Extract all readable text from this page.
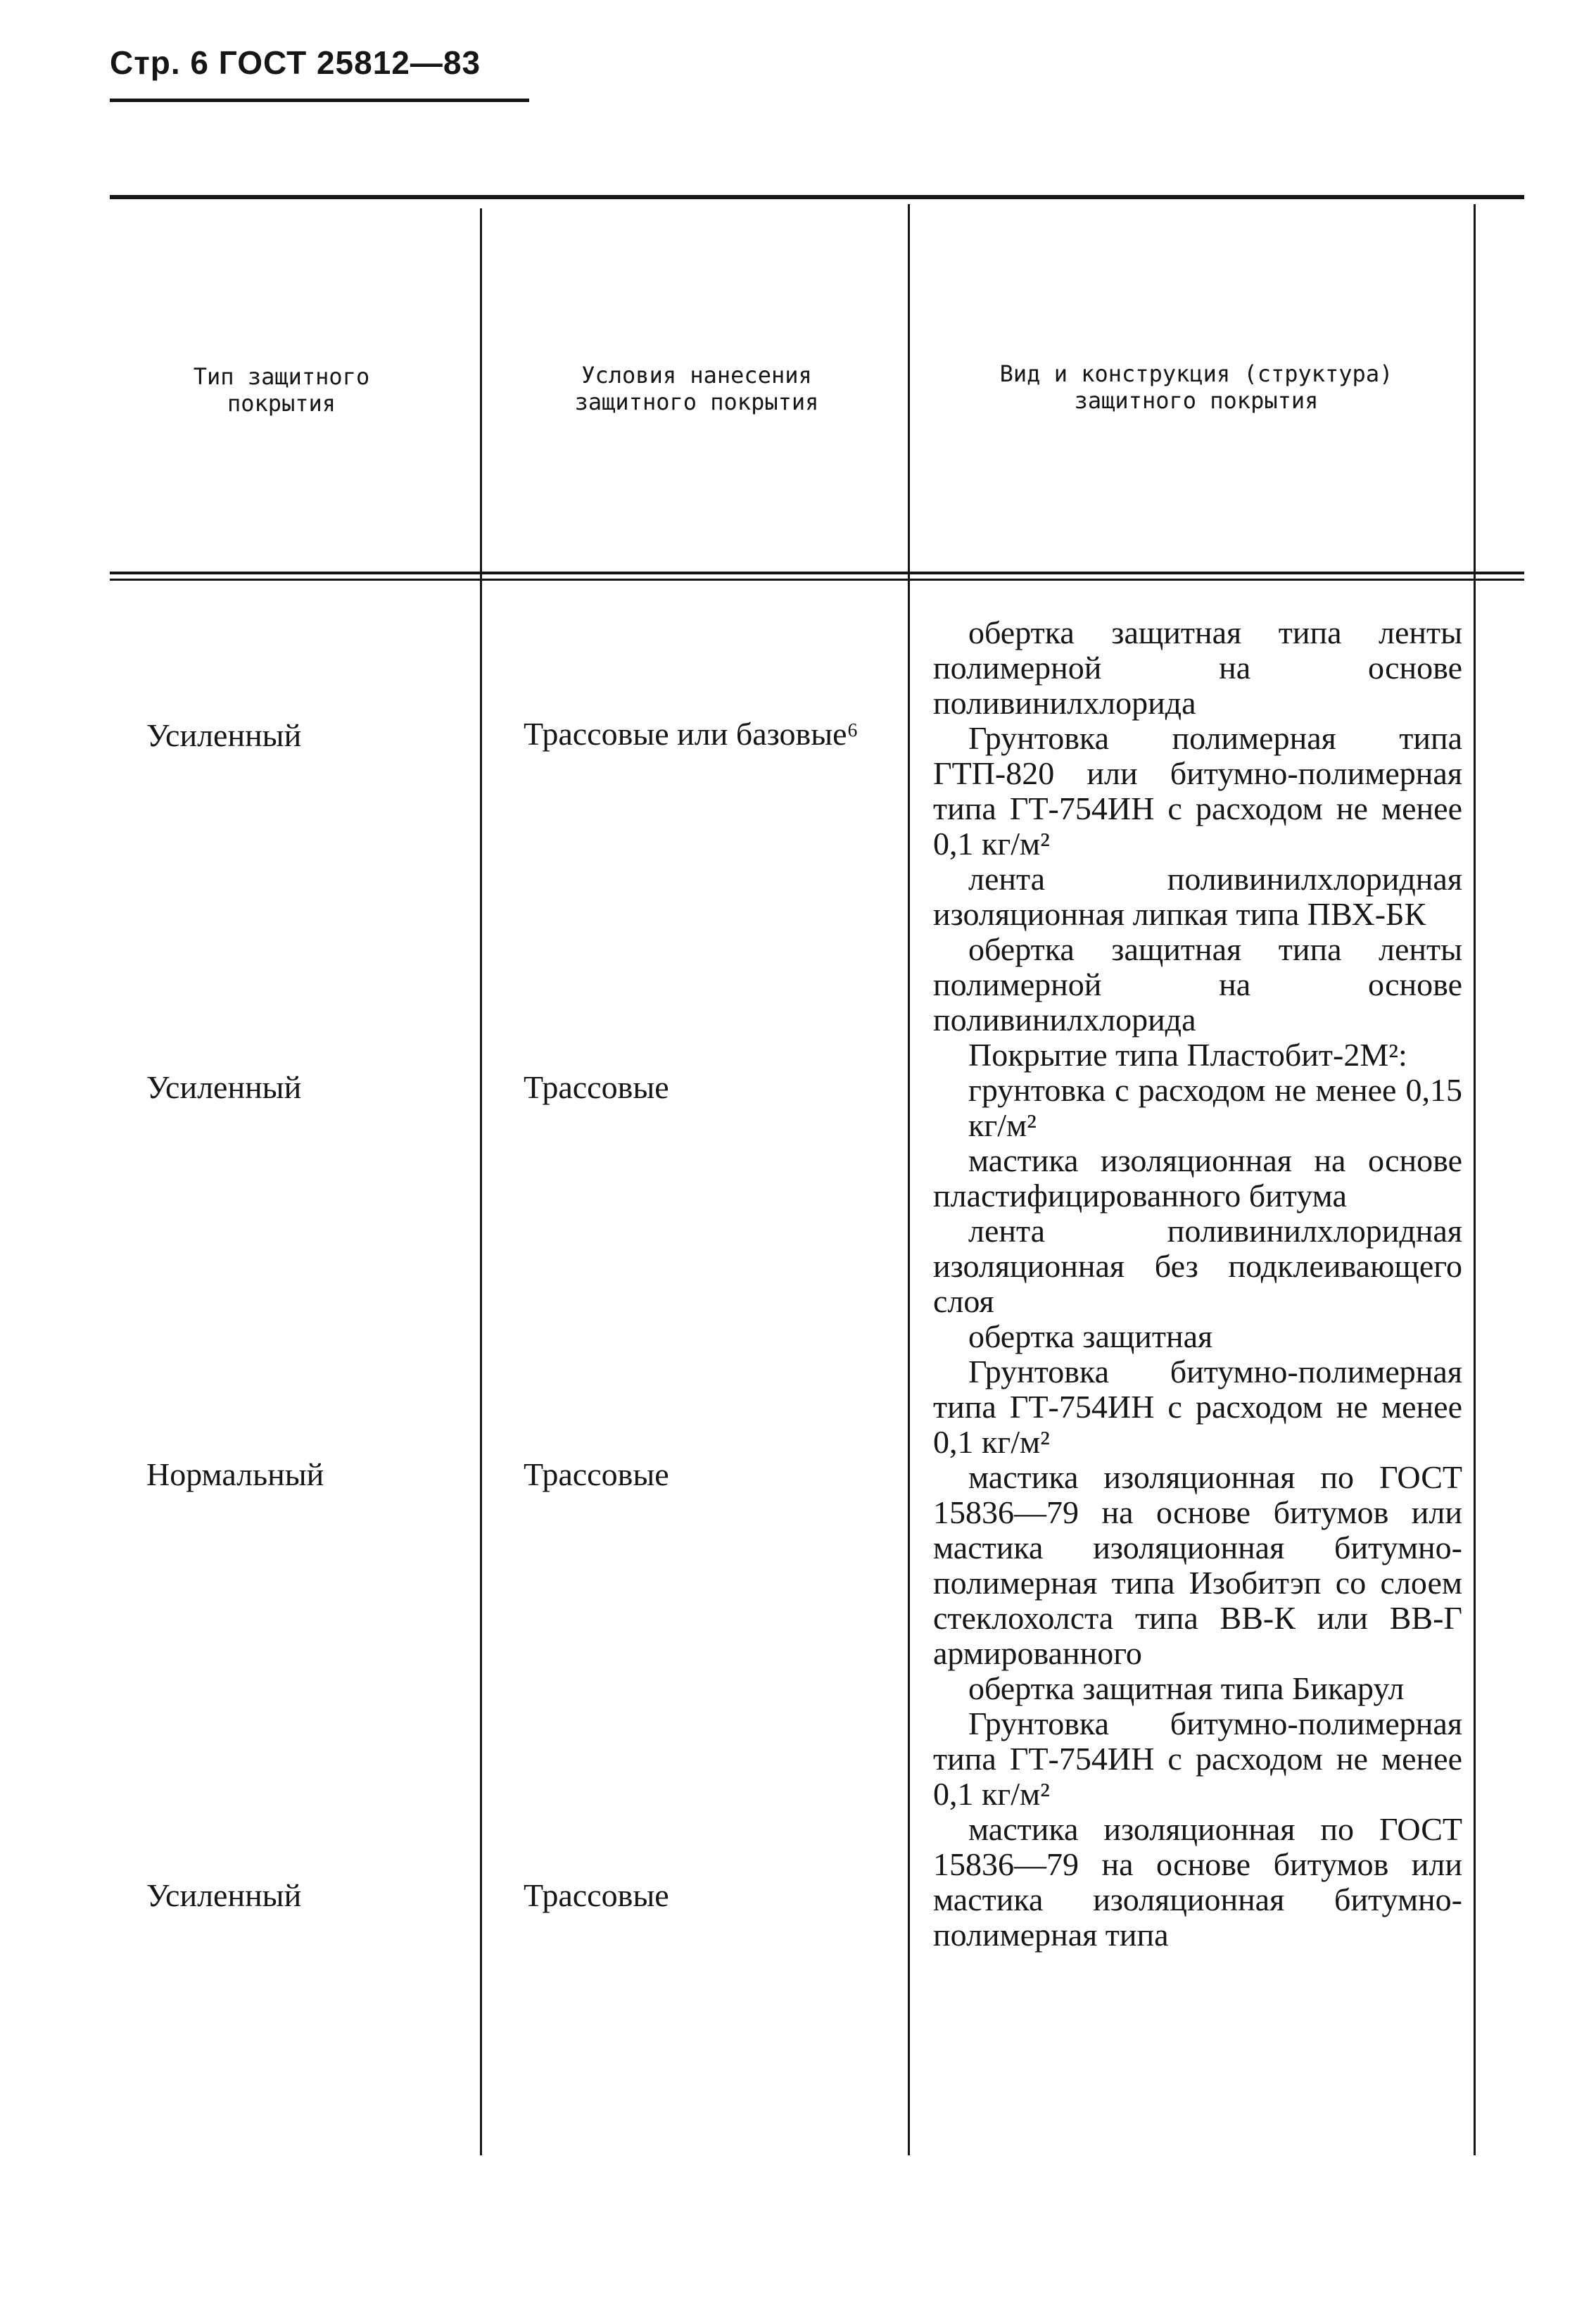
Стр. 6 ГОСТ 25812—83
Тип защитного покрытия
Условия нанесения защитного покрытия
Вид и конструкция (структура) защитного покрытия
Усиленный
Усиленный
Нормальный
Усиленный
Трассовые или базовые⁶
Трассовые
Трассовые
Трассовые

обертка защитная типа ленты полимерной на основе поливинилхлорида

Грунтовка полимерная типа ГТП-820 или битумно-полимерная типа ГТ-754ИН с расходом не менее 0,1 кг/м²

лента поливинилхлоридная изоляционная липкая типа ПВХ-БК

обертка защитная типа ленты полимерной на основе поливинилхлорида

Покрытие типа Пластобит-2М²:

грунтовка с расходом не менее 0,15 кг/м²

мастика изоляционная на основе пластифицированного битума

лента поливинилхлоридная изоляционная без подклеивающего слоя

обертка защитная

Грунтовка битумно-полимерная типа ГТ-754ИН с расходом не менее 0,1 кг/м²

мастика изоляционная по ГОСТ 15836—79 на основе битумов или мастика изоляционная битумно-полимерная типа Изобитэп со слоем стеклохолста типа ВВ-К или ВВ-Г армированного

обертка защитная типа Бикарул

Грунтовка битумно-полимерная типа ГТ-754ИН с расходом не менее 0,1 кг/м²

мастика изоляционная по ГОСТ 15836—79 на основе битумов или мастика изоляционная битумно-полимерная типа
